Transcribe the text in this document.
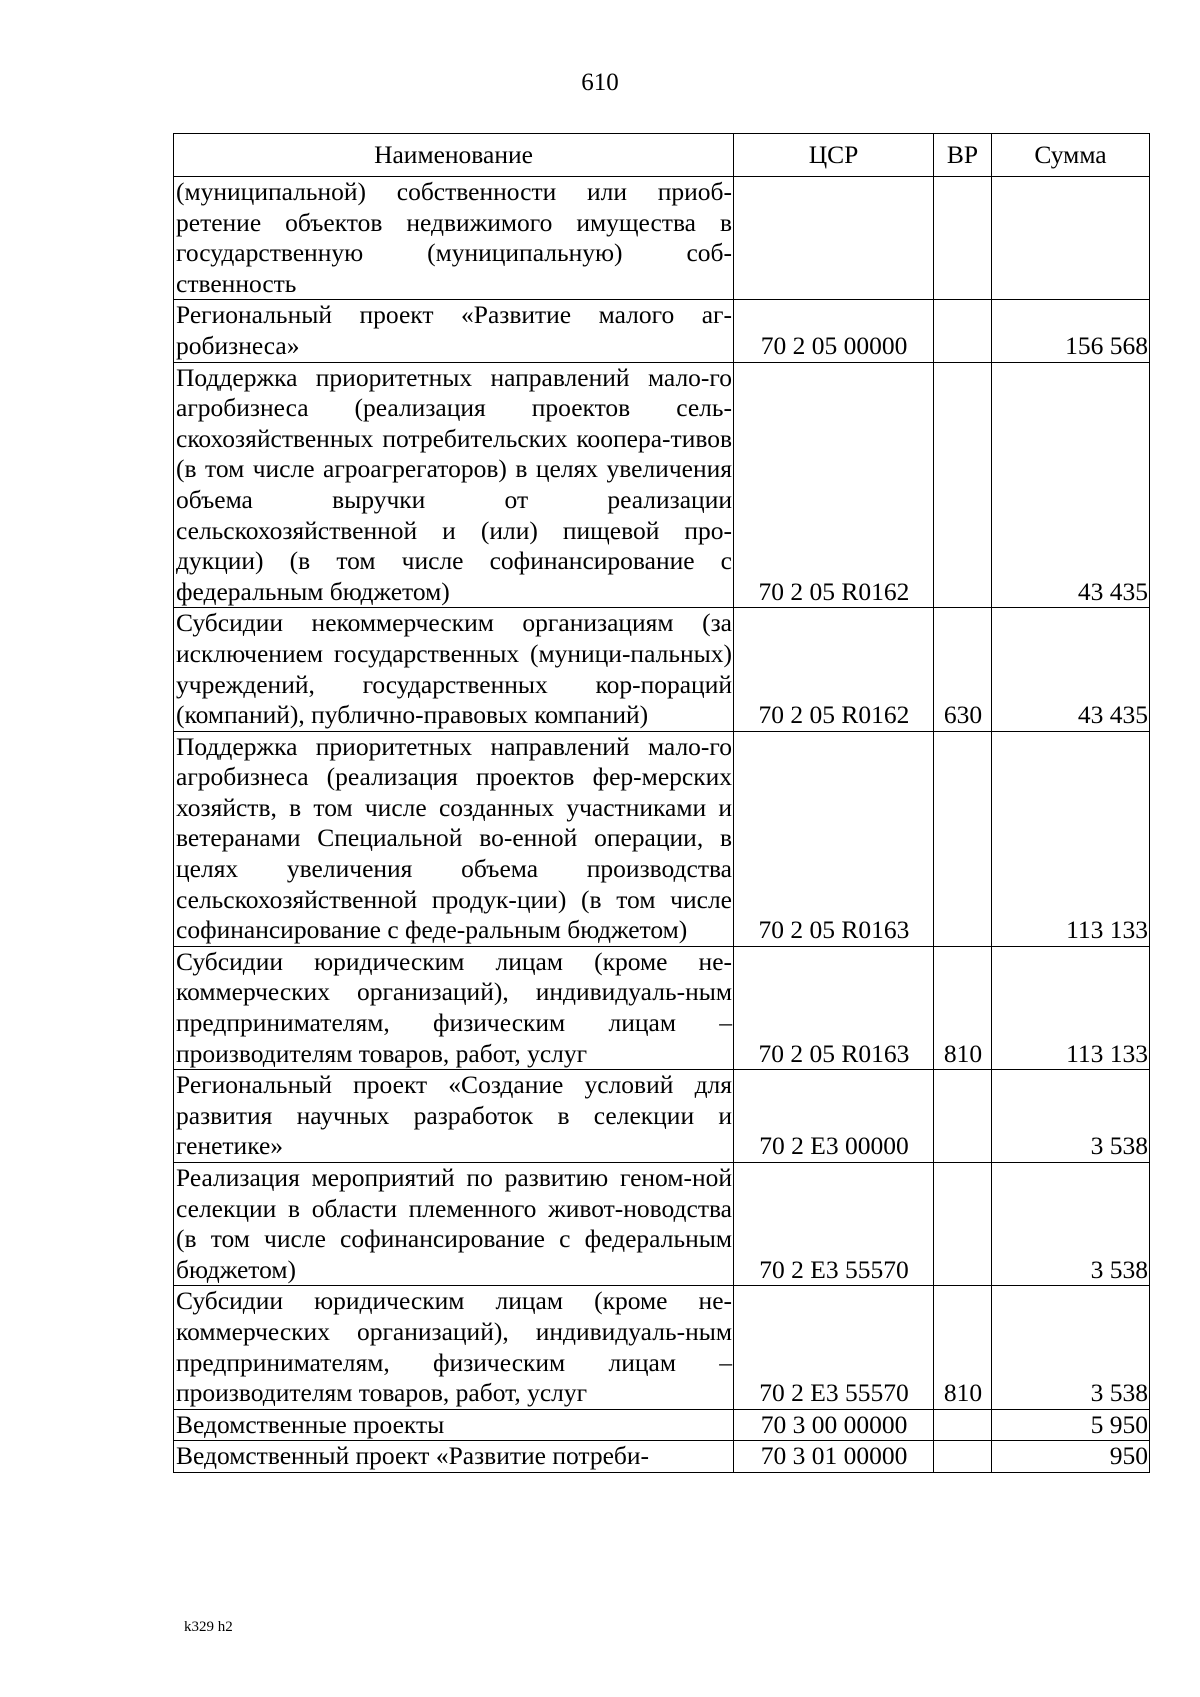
610
Наименование	ЦСР	ВР	Сумма
(муниципальной) собственности или приоб-ретение объектов недвижимого имущества в государственную (муниципальную) соб-ственность			
Региональный проект «Развитие малого аг-робизнеса»	70 2 05 00000		156 568
Поддержка приоритетных направлений мало-го агробизнеса (реализация проектов сель-скохозяйственных потребительских коопера-тивов (в том числе агроагрегаторов) в целях увеличения объема выручки от реализации сельскохозяйственной и (или) пищевой про-дукции) (в том числе софинансирование с федеральным бюджетом)	70 2 05 R0162		43 435
Субсидии некоммерческим организациям (за исключением государственных (муници-пальных) учреждений, государственных кор-пораций (компаний), публично-правовых компаний)	70 2 05 R0162	630	43 435
Поддержка приоритетных направлений мало-го агробизнеса (реализация проектов фер-мерских хозяйств, в том числе созданных участниками и ветеранами Специальной во-енной операции, в целях увеличения объема производства сельскохозяйственной продук-ции) (в том числе софинансирование с феде-ральным бюджетом)	70 2 05 R0163		113 133
Субсидии юридическим лицам (кроме не-коммерческих организаций), индивидуаль-ным предпринимателям, физическим лицам – производителям товаров, работ, услуг	70 2 05 R0163	810	113 133
Региональный проект «Создание условий для развития научных разработок в селекции и генетике»	70 2 Е3 00000		3 538
Реализация мероприятий по развитию геном-ной селекции в области племенного живот-новодства (в том числе софинансирование с федеральным бюджетом)	70 2 Е3 55570		3 538
Субсидии юридическим лицам (кроме не-коммерческих организаций), индивидуаль-ным предпринимателям, физическим лицам – производителям товаров, работ, услуг	70 2 Е3 55570	810	3 538
Ведомственные проекты	70 3 00 00000		5 950
Ведомственный проект «Развитие потреби-	70 3 01 00000		950
k329 h2
